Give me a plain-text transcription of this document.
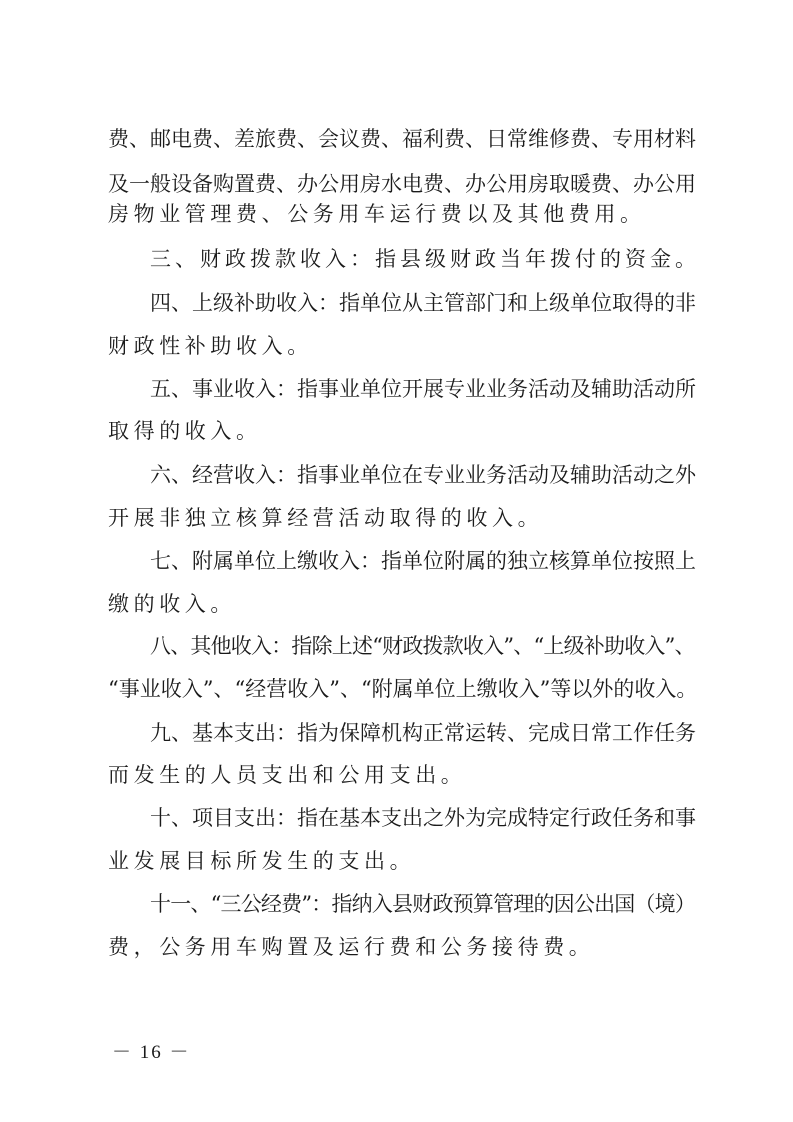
费、邮电费、差旅费、会议费、福利费、日常维修费、专用材料
及一般设备购置费、办公用房水电费、办公用房取暖费、办公用
房物业管理费、公务用车运行费以及其他费用。
三、财政拨款收入：指县级财政当年拨付的资金。
四、上级补助收入：指单位从主管部门和上级单位取得的非
财政性补助收入。
五、事业收入：指事业单位开展专业业务活动及辅助活动所
取得的收入。
六、经营收入：指事业单位在专业业务活动及辅助活动之外
开展非独立核算经营活动取得的收入。
七、附属单位上缴收入：指单位附属的独立核算单位按照上
缴的收入。
八、其他收入：指除上述“财政拨款收入”、“上级补助收入”、
“事业收入”、“经营收入”、“附属单位上缴收入”等以外的收入。
九、基本支出：指为保障机构正常运转、完成日常工作任务
而发生的人员支出和公用支出。
十、项目支出：指在基本支出之外为完成特定行政任务和事
业发展目标所发生的支出。
十一、“三公经费”：指纳入县财政预算管理的因公出国（境）
费，公务用车购置及运行费和公务接待费。
－ 16 －
